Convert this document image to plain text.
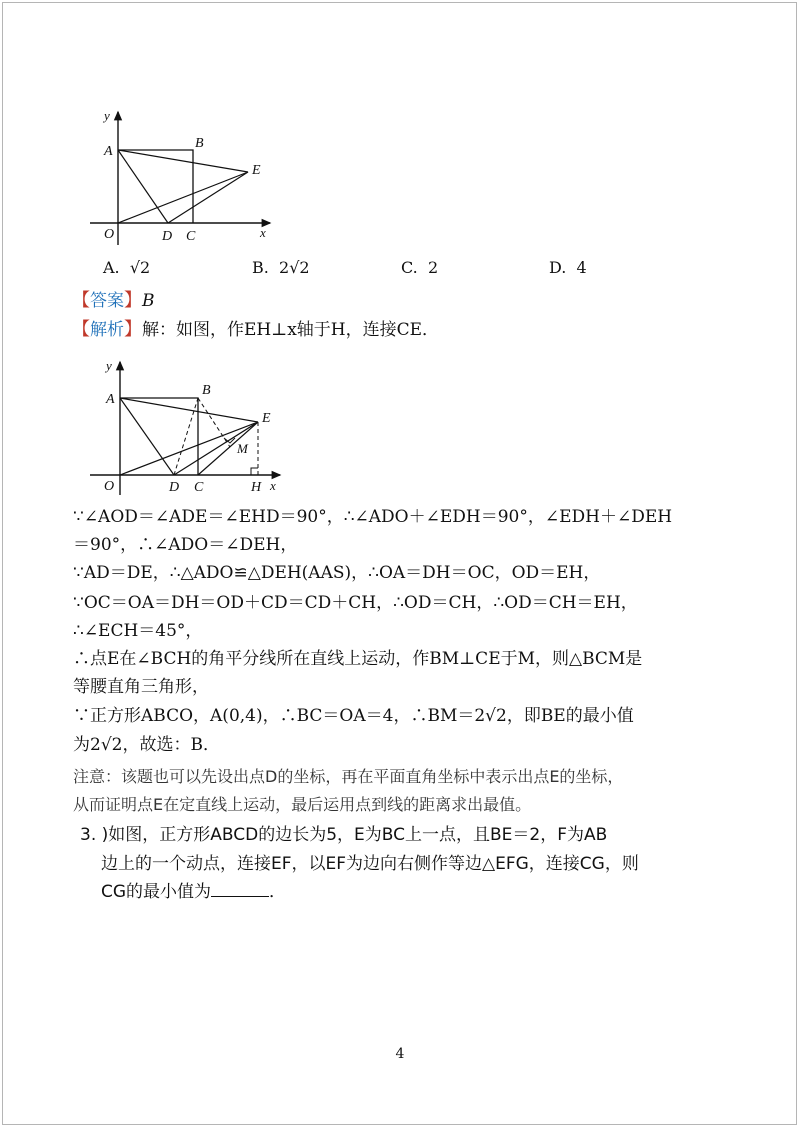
y
A
B
E
O	D C	x
A. √2	B. 2√2	C. 2	D. 4
【答案】B
【解析】解：如图，作EH⊥x轴于H，连接CE．
y
A
B
E
M
O	D C	H x
∵∠AOD＝∠ADE＝∠EHD＝90°，∴∠ADO＋∠EDH＝90°，∠EDH＋∠DEH
＝90°，∴∠ADO＝∠DEH，
∵AD＝DE，∴△ADO≌△DEH(AAS)，∴OA＝DH＝OC，OD＝EH，
∵OC＝OA＝DH＝OD＋CD＝CD＋CH，∴OD＝CH，∴OD＝CH＝EH，
∴∠ECH＝45°，
∴点E在∠BCH的角平分线所在直线上运动，作BM⊥CE于M，则△BCM是
等腰直角三角形，
∵正方形ABCO，A(0,4)，∴BC＝OA＝4，∴BM＝2√2，即BE的最小值
为2√2，故选：B．
注意：该题也可以先设出点D的坐标，再在平面直角坐标中表示出点E的坐标，
从而证明点E在定直线上运动，最后运用点到线的距离求出最值。
3. )如图，正方形ABCD的边长为5，E为BC上一点，且BE＝2，F为AB
边上的一个动点，连接EF，以EF为边向右侧作等边△EFG，连接CG，则
CG的最小值为	．
4
